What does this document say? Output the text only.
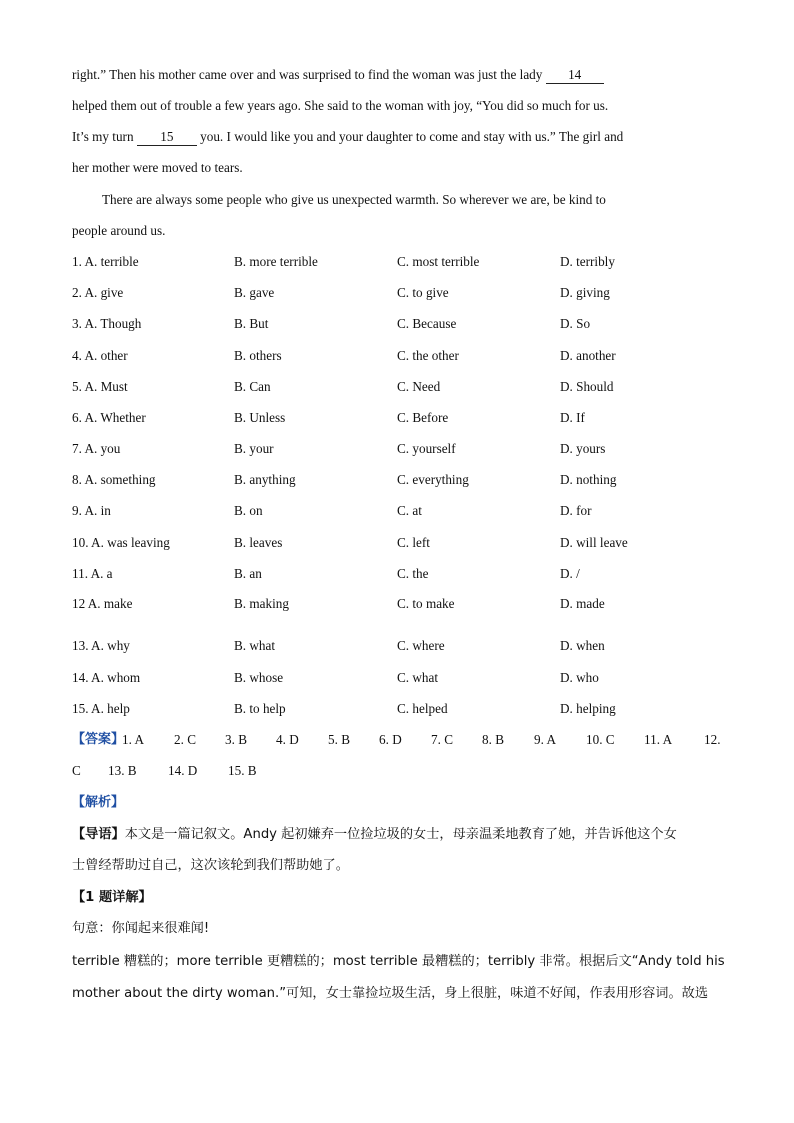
right.” Then his mother came over and was surprised to find the woman was just the lady 14
helped them out of trouble a few years ago. She said to the woman with joy, “You did so much for us.
It’s my turn 15 you. I would like you and your daughter to come and stay with us.” The girl and
her mother were moved to tears.
There are always some people who give us unexpected warmth. So wherever we are, be kind to
people around us.
1. A. terrible	B. more terrible	C. most terrible	D. terribly
2. A. give	B. gave	C. to give	D. giving
3. A. Though	B. But	C. Because	D. So
4. A. other	B. others	C. the other	D. another
5. A. Must	B. Can	C. Need	D. Should
6. A. Whether	B. Unless	C. Before	D. If
7. A. you	B. your	C. yourself	D. yours
8. A. something	B. anything	C. everything	D. nothing
9. A. in	B. on	C. at	D. for
10. A. was leaving	B. leaves	C. left	D. will leave
11. A. a	B. an	C. the	D. /
12 A. make	B. making	C. to make	D. made
13. A. why	B. what	C. where	D. when
14. A. whom	B. whose	C. what	D. who
15. A. help	B. to help	C. helped	D. helping
【答案】
1. A 2. C 3. B 4. D 5. B 6. D 7. C 8. B 9. A 10. C 11. A 12.
C 13. B 14. D 15. B
【解析】
【导语】本文是一篇记叙文。Andy 起初嫌弃一位捡垃圾的女士，母亲温柔地教育了她，并告诉他这个女
士曾经帮助过自己，这次该轮到我们帮助她了。
【1 题详解】
句意：你闻起来很难闻!
terrible 糟糕的；more terrible 更糟糕的；most terrible 最糟糕的；terribly 非常。根据后文“Andy told his
mother about the dirty woman.”可知，女士靠捡垃圾生活，身上很脏，味道不好闻，作表用形容词。故选
